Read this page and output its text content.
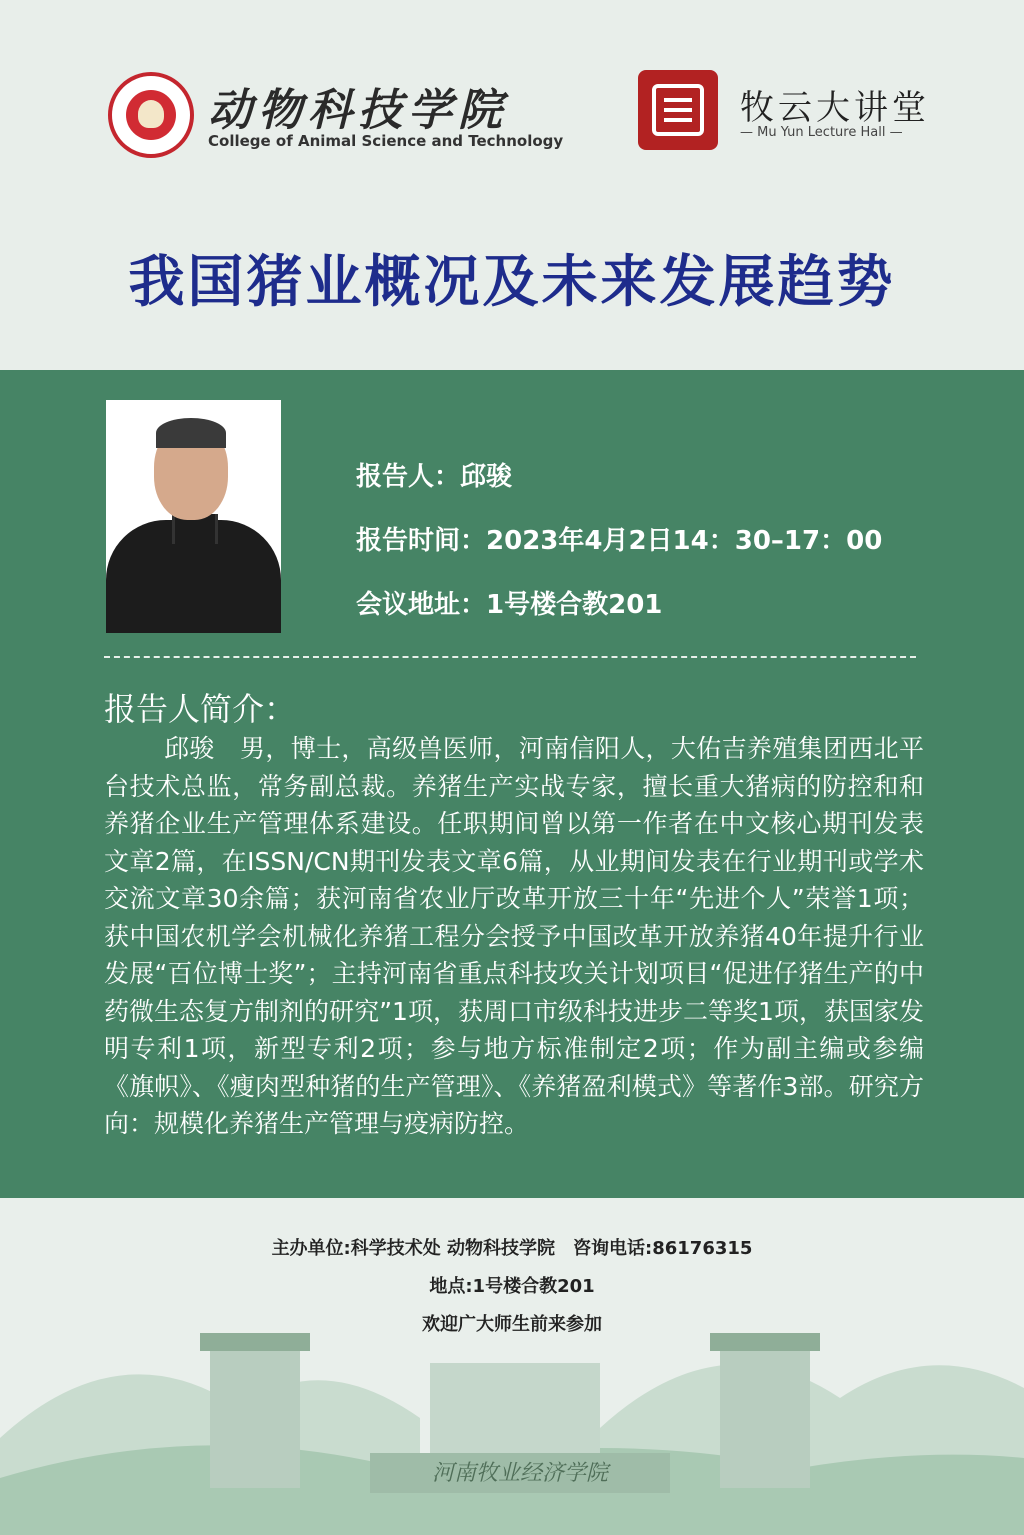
动物科技学院
College of Animal Science and Technology
牧云大讲堂
— Mu Yun Lecture Hall —
我国猪业概况及未来发展趋势
报告人：邱骏
报告时间：2023年4月2日14：30–17：00
会议地址：1号楼合教201
报告人简介：
邱骏　男，博士，高级兽医师，河南信阳人，大佑吉养殖集团西北平台技术总监，常务副总裁。养猪生产实战专家，擅长重大猪病的防控和和养猪企业生产管理体系建设。任职期间曾以第一作者在中文核心期刊发表文章2篇，在ISSN/CN期刊发表文章6篇，从业期间发表在行业期刊或学术交流文章30余篇；获河南省农业厅改革开放三十年“先进个人”荣誉1项；获中国农机学会机械化养猪工程分会授予中国改革开放养猪40年提升行业发展“百位博士奖”；主持河南省重点科技攻关计划项目“促进仔猪生产的中药微生态复方制剂的研究”1项，获周口市级科技进步二等奖1项，获国家发明专利1项，新型专利2项；参与地方标准制定2项；作为副主编或参编《旗帜》、《瘦肉型种猪的生产管理》、《养猪盈利模式》等著作3部。研究方向：规模化养猪生产管理与疫病防控。
河南牧业经济学院
主办单位:科学技术处 动物科技学院　咨询电话:86176315
地点:1号楼合教201
欢迎广大师生前来参加
